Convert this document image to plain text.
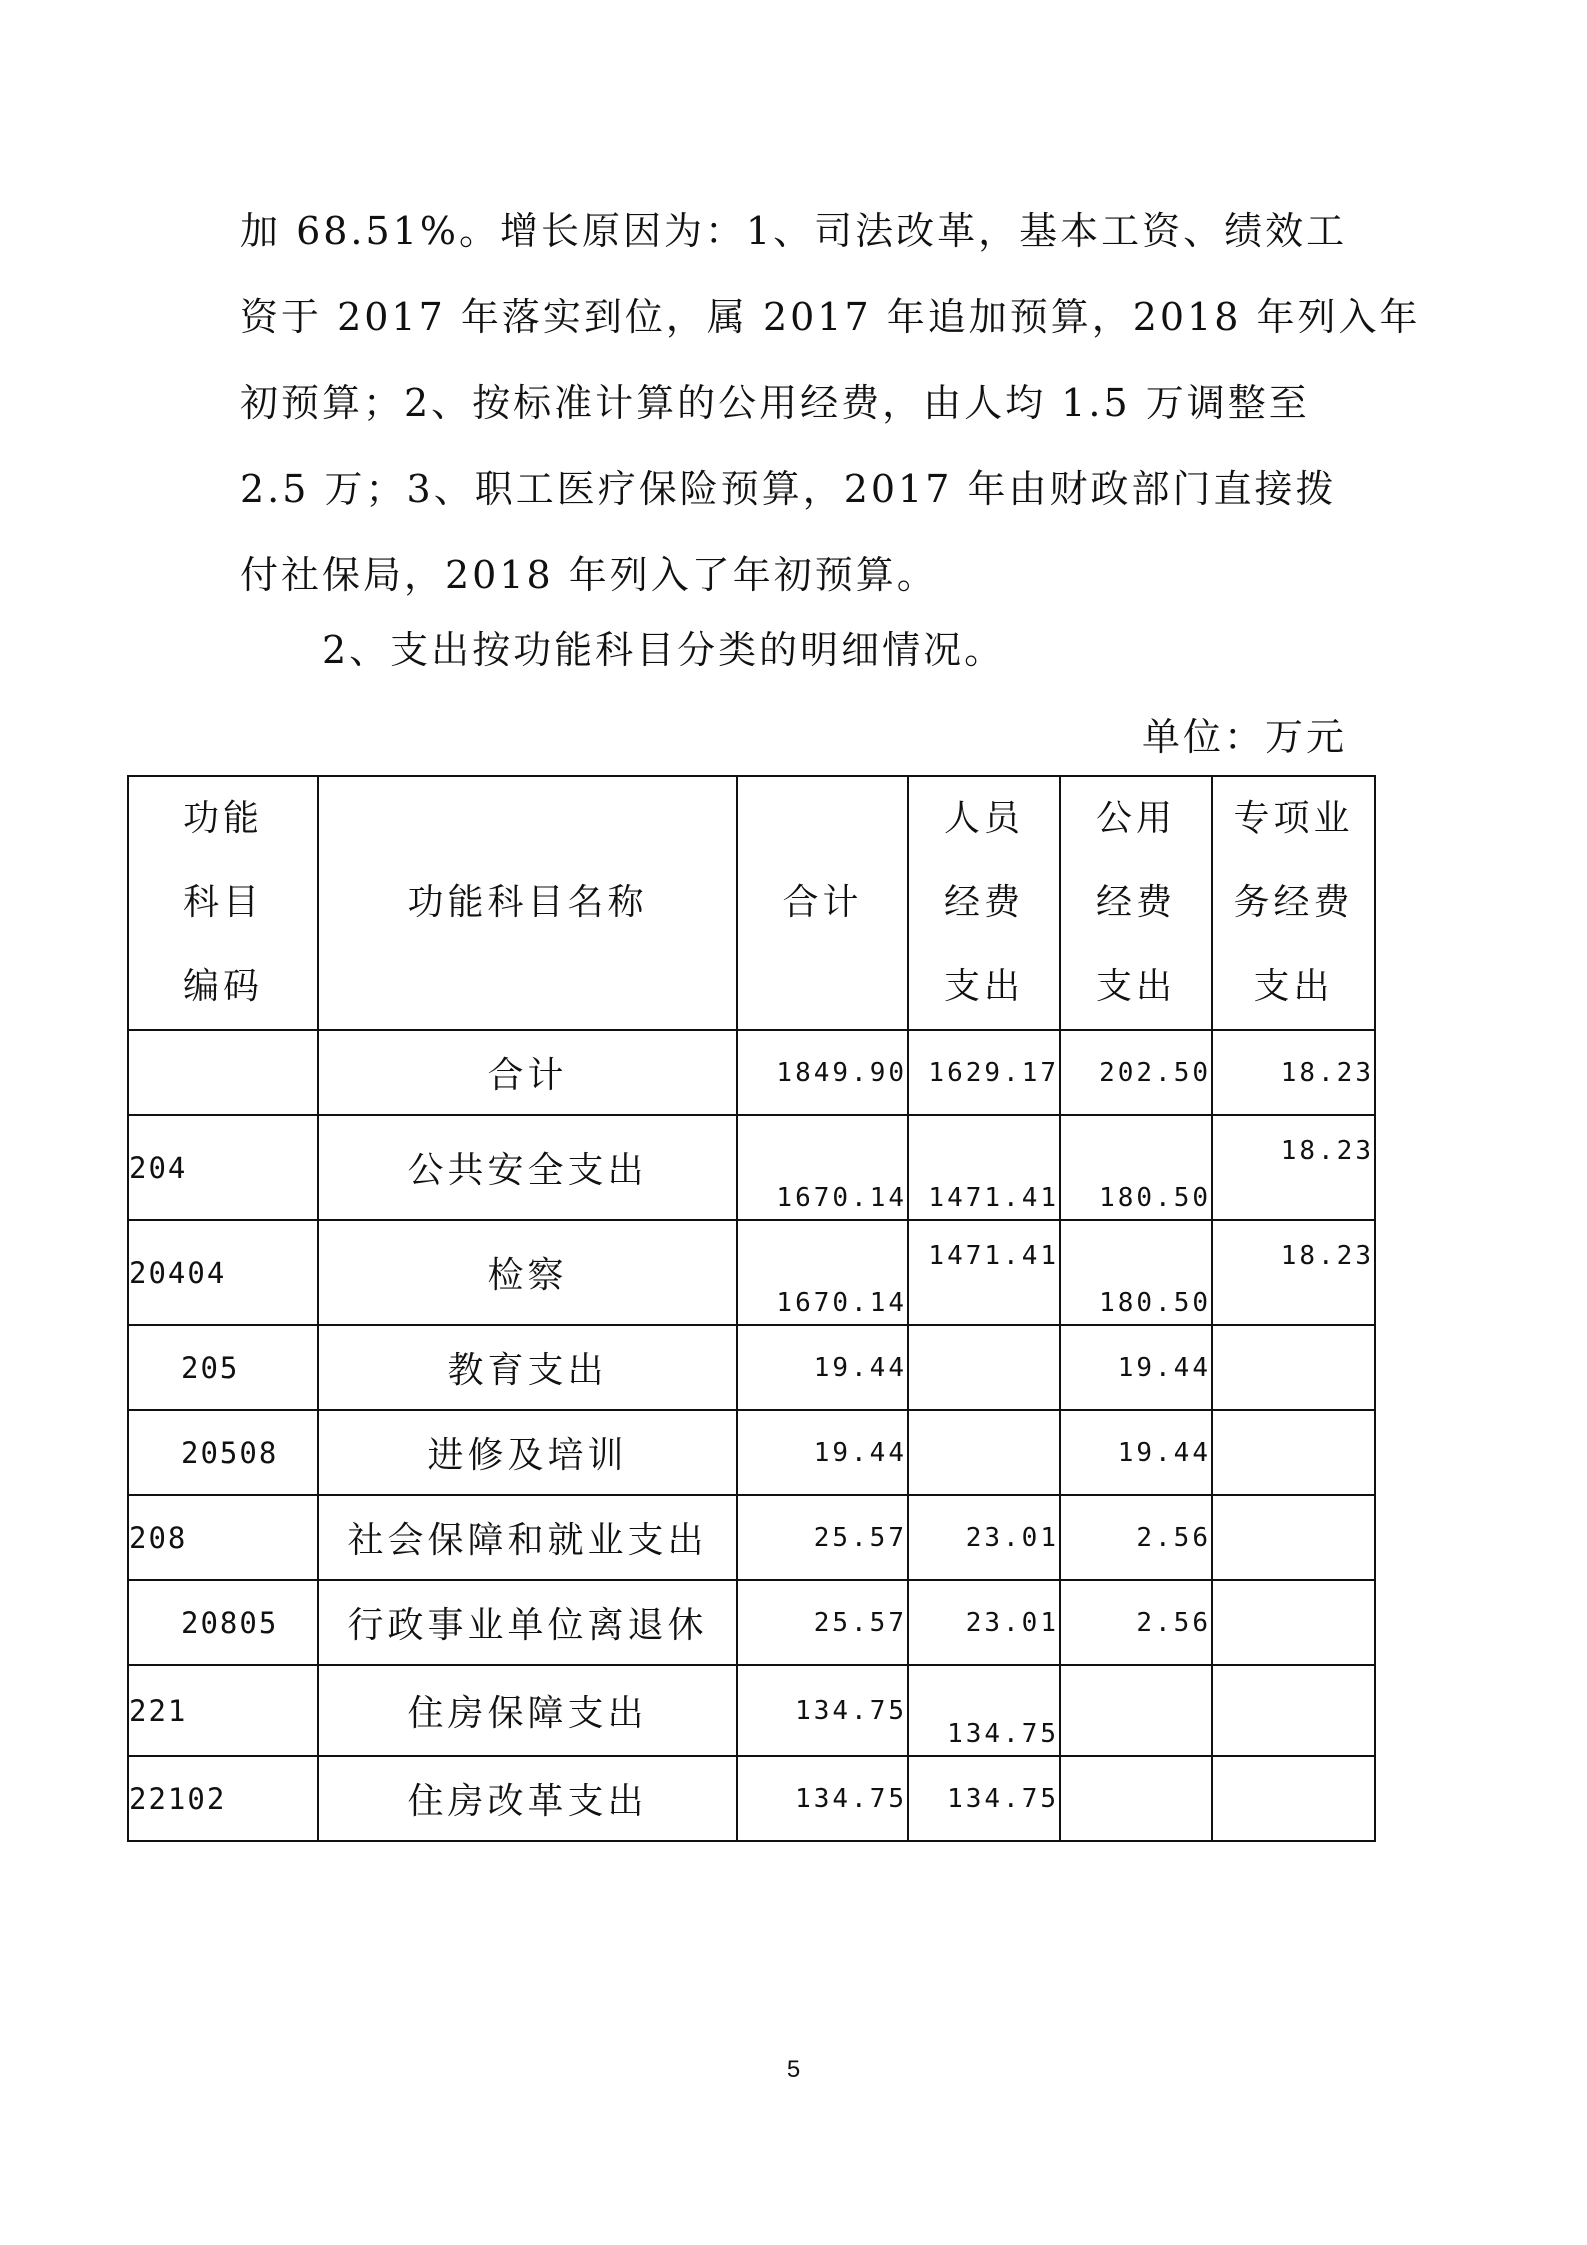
加 68.51%。增长原因为：1、司法改革，基本工资、绩效工

资于 2017 年落实到位，属 2017 年追加预算，2018 年列入年

初预算；2、按标准计算的公用经费，由人均 1.5 万调整至

2.5 万；3、职工医疗保险预算，2017 年由财政部门直接拨

付社保局，2018 年列入了年初预算。

2、支出按功能科目分类的明细情况。
单位：万元
功能科目编码	功能科目名称	合计	人员经费支出	公用经费支出	专项业务经费支出
	合计	1849.90	1629.17	202.50	18.23
204	公共安全支出	1670.14	1471.41	180.50	18.23
20404	检察	1670.14	1471.41	180.50	18.23
205	教育支出	19.44		19.44	
20508	进修及培训	19.44		19.44	
208	社会保障和就业支出	25.57	23.01	2.56	
20805	行政事业单位离退休	25.57	23.01	2.56	
221	住房保障支出	134.75	134.75		
22102	住房改革支出	134.75	134.75		
5
